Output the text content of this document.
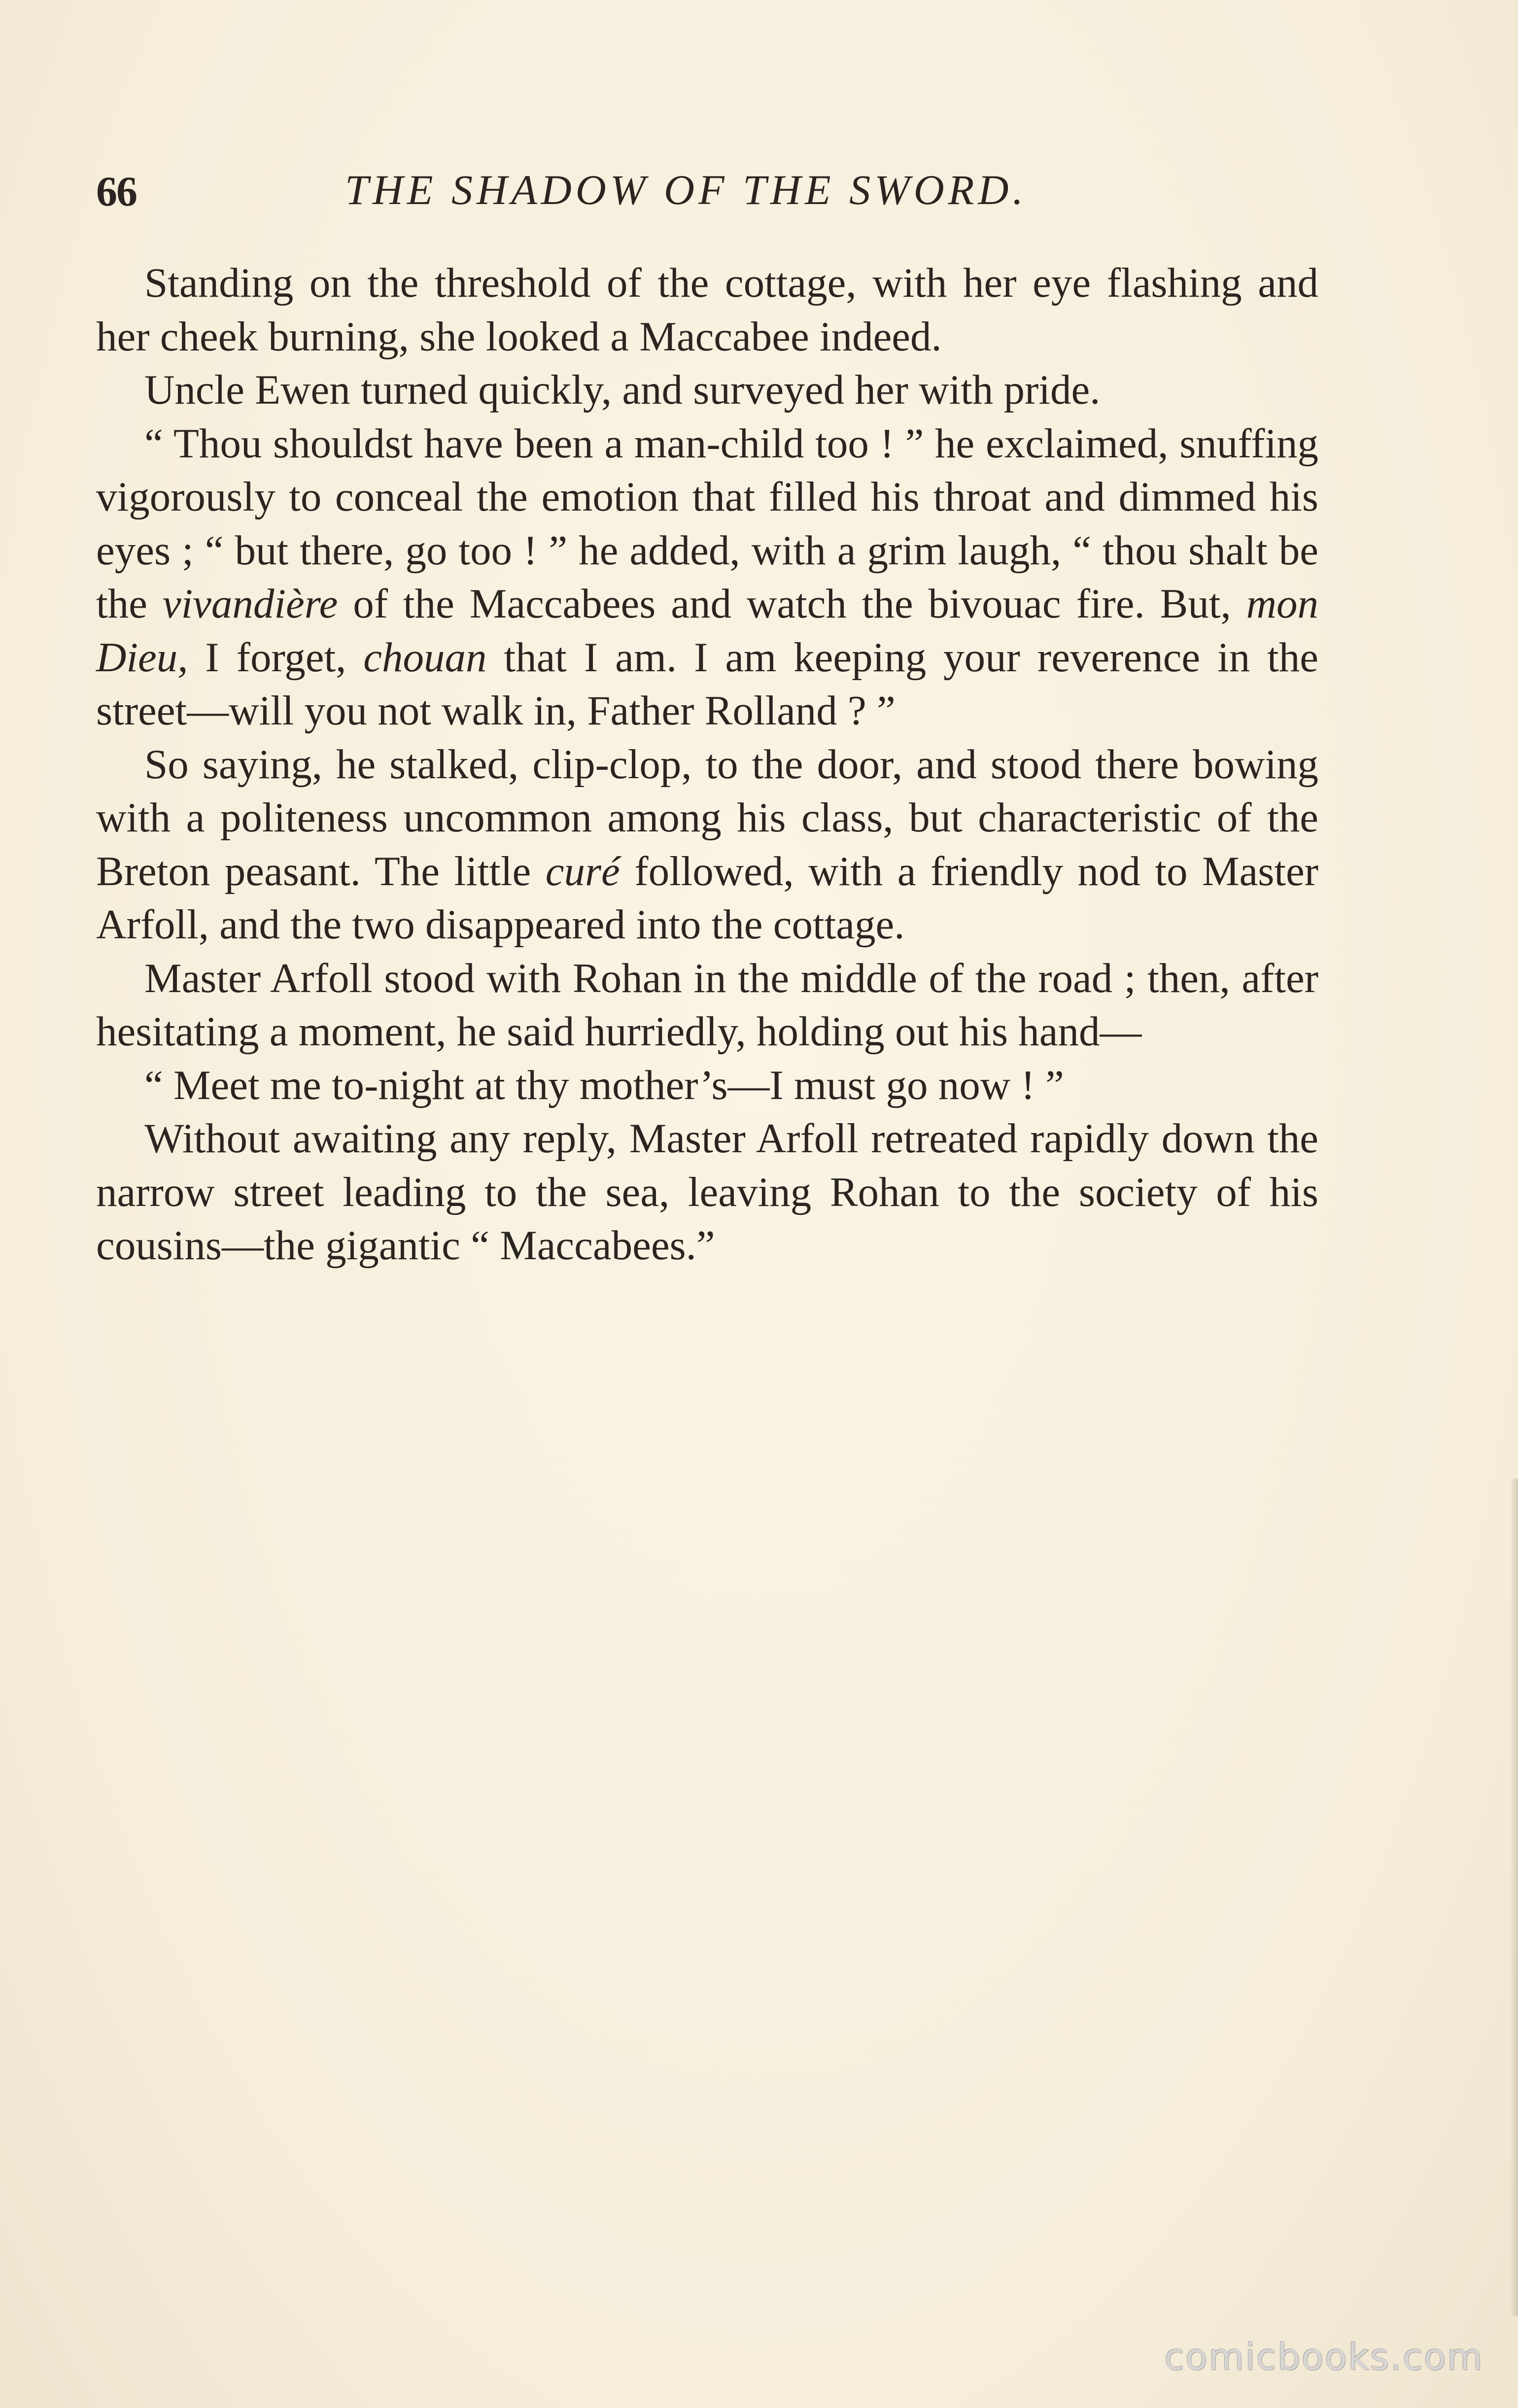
66	THE SHADOW OF THE SWORD.

Standing on the threshold of the cottage, with her eye flashing and her cheek burning, she looked a Maccabee indeed.

Uncle Ewen turned quickly, and surveyed her with pride.

“ Thou shouldst have been a man-child too ! ” he exclaimed, snuffing vigorously to conceal the emotion that filled his throat and dimmed his eyes ; “ but there, go too ! ” he added, with a grim laugh, “ thou shalt be the vivandière of the Maccabees and watch the bivouac fire. But, mon Dieu, I forget, chouan that I am. I am keeping your reverence in the street—will you not walk in, Father Rolland ? ”

So saying, he stalked, clip-clop, to the door, and stood there bowing with a politeness uncommon among his class, but characteristic of the Breton peasant. The little curé followed, with a friendly nod to Master Arfoll, and the two disappeared into the cottage.

Master Arfoll stood with Rohan in the middle of the road ; then, after hesitating a moment, he said hurriedly, holding out his hand—

“ Meet me to-night at thy mother’s—I must go now ! ”

Without awaiting any reply, Master Arfoll retreated rapidly down the narrow street leading to the sea, leaving Rohan to the society of his cousins—the gigantic “ Maccabees.”

comicbooks.com
